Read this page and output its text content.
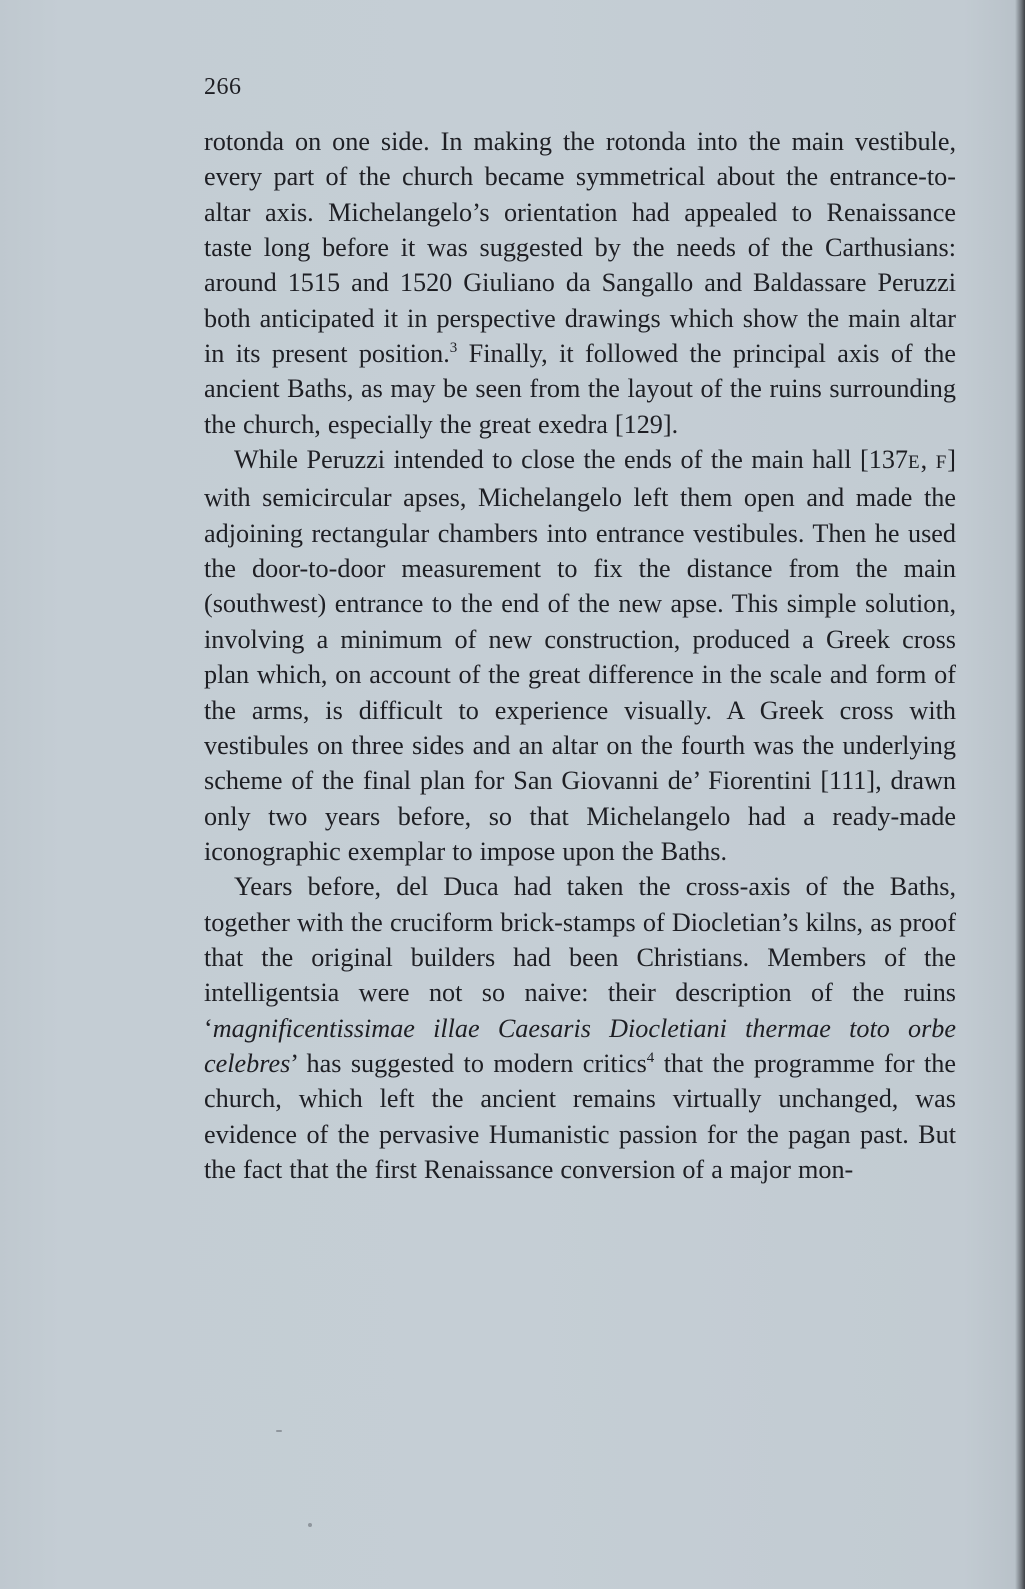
266

rotonda on one side. In making the rotonda into the main vestibule, every part of the church became symmetrical about the entrance-to-altar axis. Michelangelo’s orientation had appealed to Renaissance taste long before it was suggested by the needs of the Carthusians: around 1515 and 1520 Giuliano da Sangallo and Baldassare Peruzzi both anticipated it in perspective drawings which show the main altar in its present position.$^3$ Finally, it followed the principal axis of the ancient Baths, as may be seen from the layout of the ruins surrounding the church, especially the great exedra [129].

While Peruzzi intended to close the ends of the main hall [137E, F] with semicircular apses, Michelangelo left them open and made the adjoining rectangular chambers into entrance vestibules. Then he used the door-to-door measurement to fix the distance from the main (southwest) entrance to the end of the new apse. This simple solution, involving a minimum of new construction, produced a Greek cross plan which, on account of the great difference in the scale and form of the arms, is difficult to experience visually. A Greek cross with vestibules on three sides and an altar on the fourth was the underlying scheme of the final plan for San Giovanni de’ Fiorentini [111], drawn only two years before, so that Michelangelo had a ready-made iconographic exemplar to impose upon the Baths.

Years before, del Duca had taken the cross-axis of the Baths, together with the cruciform brick-stamps of Diocletian’s kilns, as proof that the original builders had been Christians. Members of the intelligentsia were not so naive: their description of the ruins ‘magnificentissimae illae Caesaris Diocletiani thermae toto orbe celebres’ has suggested to modern critics$^4$ that the programme for the church, which left the ancient remains virtually unchanged, was evidence of the pervasive Humanistic passion for the pagan past. But the fact that the first Renaissance conversion of a major mon-
